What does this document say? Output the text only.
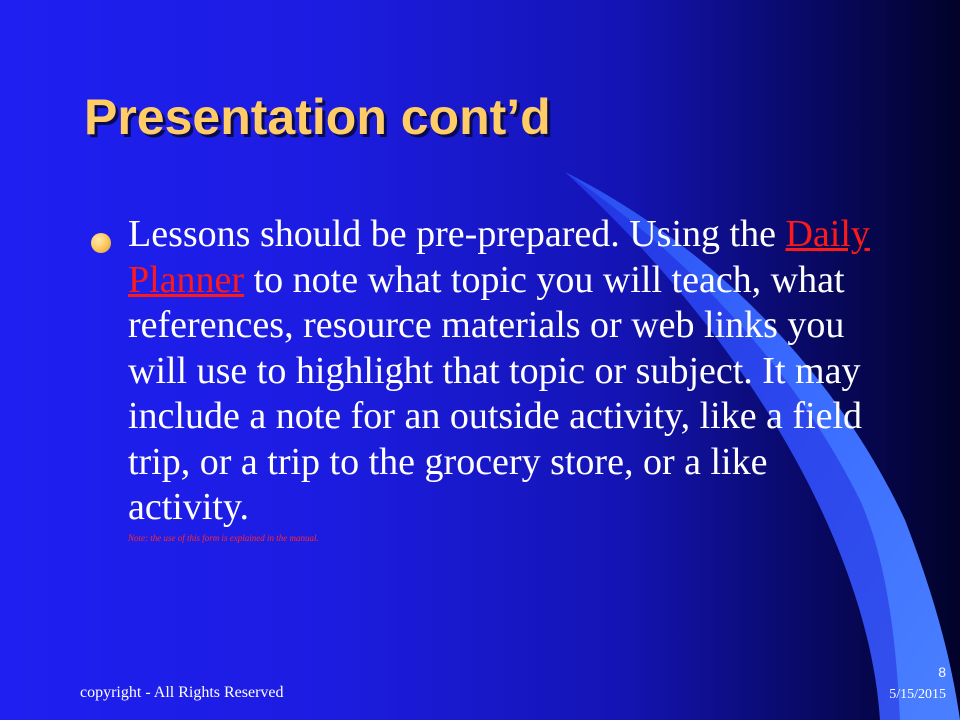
Presentation cont’d
Lessons should be pre-prepared. Using the Daily Planner to note what topic you will teach, what references, resource materials or web links you will use to highlight that topic or subject. It may include a note for an outside activity, like a field trip, or a trip to the grocery store, or a like activity.
Note: the use of this form is explained in the manual.
copyright - All Rights Reserved
8
5/15/2015
